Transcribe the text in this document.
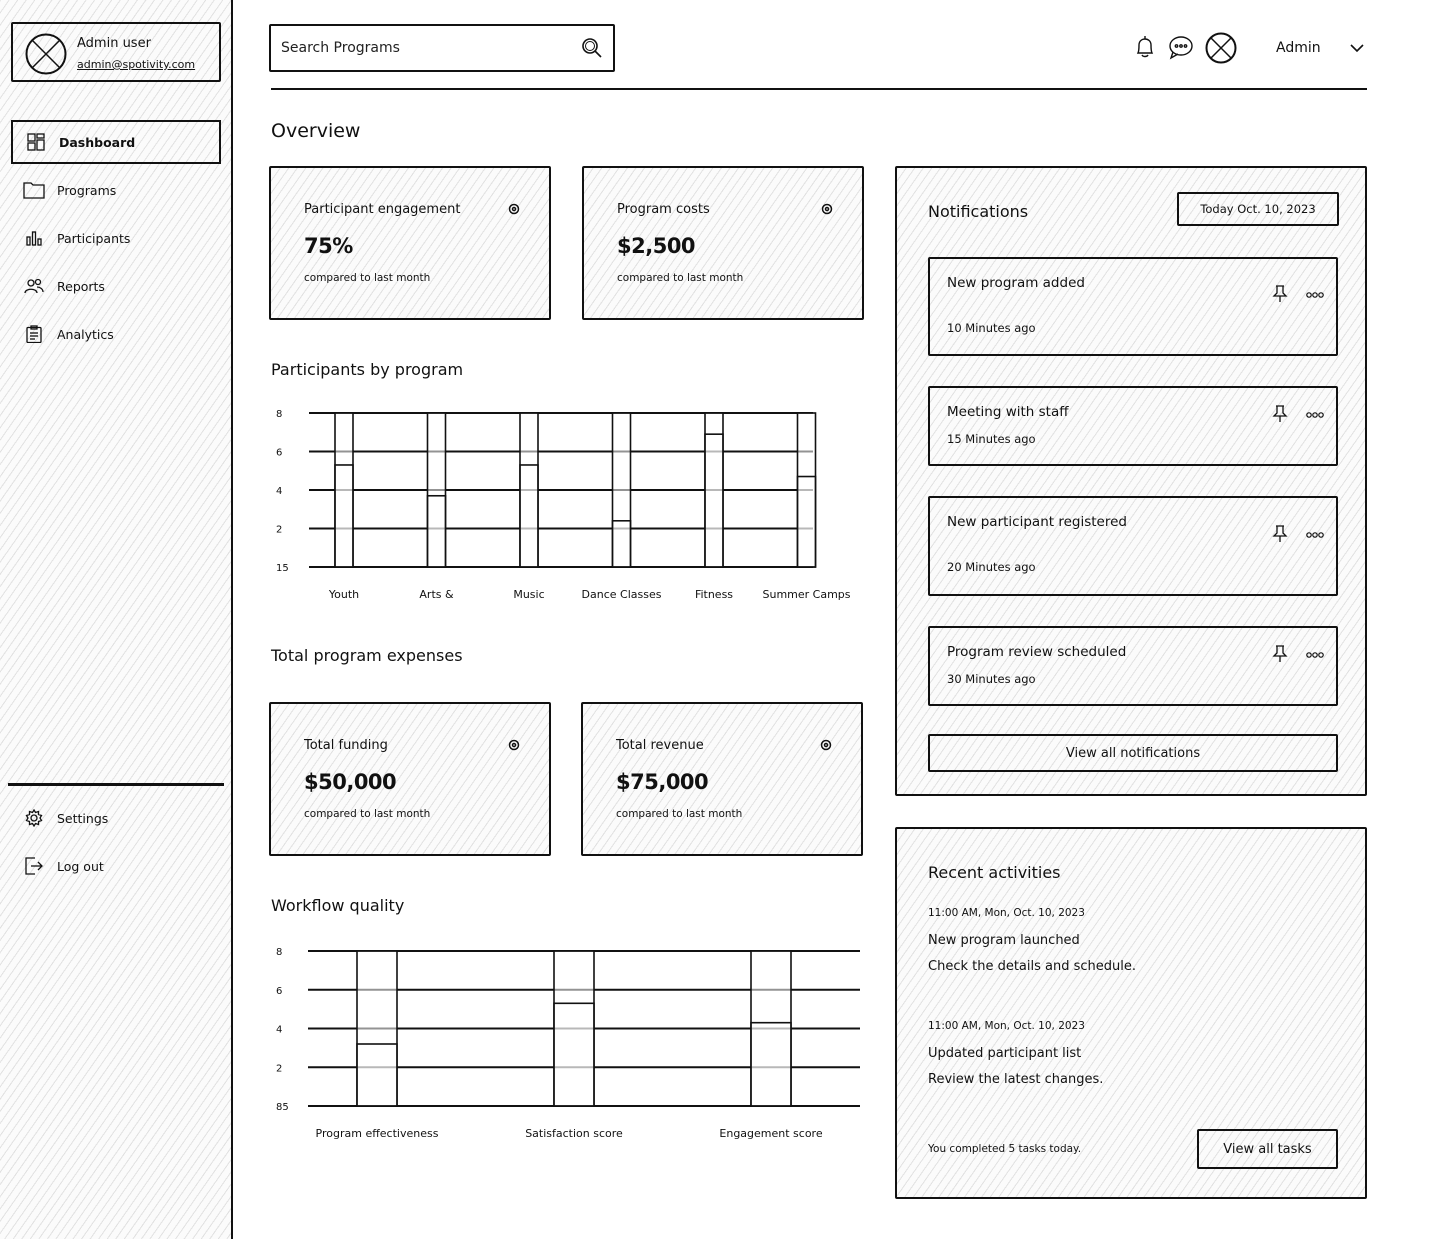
Admin user
admin@spotivity.com
Dashboard
Programs
Participants
Reports
Analytics
Settings
Log out
Search Programs
Admin
Overview
Participant engagement
75%
compared to last month
Program costs
$2,500
compared to last month
Participants by program
8
6
4
2
15
Youth	Arts &	Music	Dance Classes	Fitness	Summer Camps
Total program expenses
Total funding
$50,000
compared to last month
Total revenue
$75,000
compared to last month
Workflow quality
8
6
4
2
85
Program effectiveness	Satisfaction score	Engagement score
Notifications	Today Oct. 10, 2023
New program added
10 Minutes ago
Meeting with staff
15 Minutes ago
New participant registered
20 Minutes ago
Program review scheduled
30 Minutes ago
View all notifications
Recent activities
11:00 AM, Mon, Oct. 10, 2023
New program launched
Check the details and schedule.
11:00 AM, Mon, Oct. 10, 2023
Updated participant list
Review the latest changes.
You completed 5 tasks today.	View all tasks
